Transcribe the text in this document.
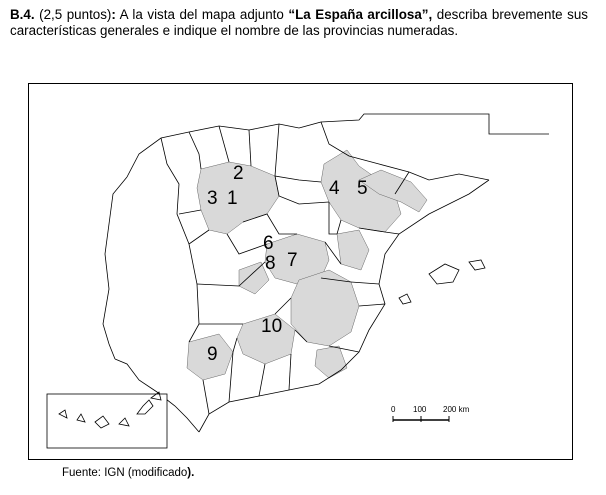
B.4. (2,5 puntos): A la vista del mapa adjunto “La España arcillosa”, describa brevemente sus características generales e indique el nombre de las provincias numeradas.
0 100 200 km
1
2
3	4 5
6
7
8
9
10
Fuente: IGN (modificado).
